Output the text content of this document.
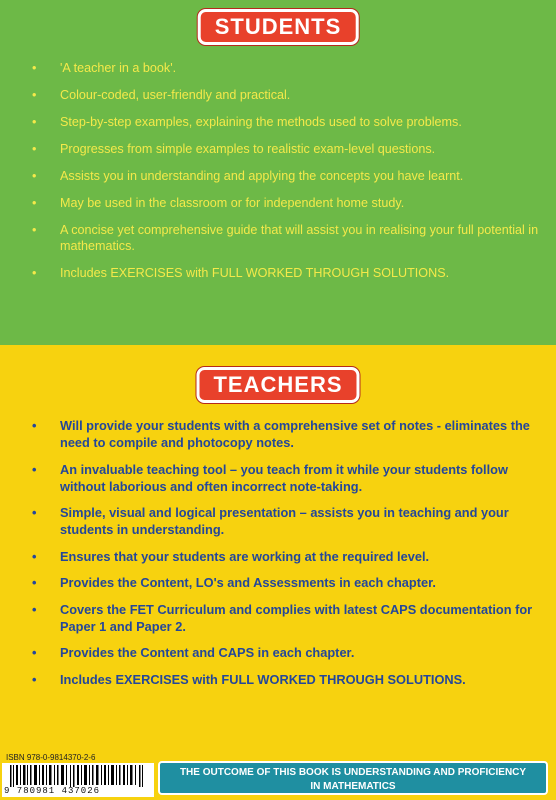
STUDENTS
• 'A teacher in a book'.
• Colour-coded, user-friendly and practical.
• Step-by-step examples, explaining the methods used to solve problems.
• Progresses from simple examples to realistic exam-level questions.
• Assists you in understanding and applying the concepts you have learnt.
• May be used in the classroom or for independent home study.
• A concise yet comprehensive guide that will assist you in realising your full potential in mathematics.
• Includes EXERCISES with FULL WORKED THROUGH SOLUTIONS.
TEACHERS
• Will provide your students with a comprehensive set of notes - eliminates the need to compile and photocopy notes.
• An invaluable teaching tool – you teach from it while your students follow without laborious and often incorrect note-taking.
• Simple, visual and logical presentation – assists you in teaching and your students in understanding.
• Ensures that your students are working at the required level.
• Provides the Content, LO's and Assessments in each chapter.
• Covers the FET Curriculum and complies with latest CAPS documentation for Paper 1 and Paper 2.
• Provides the Content and CAPS in each chapter.
• Includes EXERCISES with FULL WORKED THROUGH SOLUTIONS.
ISBN 978-0-9814370-2-6
9 780981 437026
THE OUTCOME OF THIS BOOK IS UNDERSTANDING AND PROFICIENCY
IN MATHEMATICS
